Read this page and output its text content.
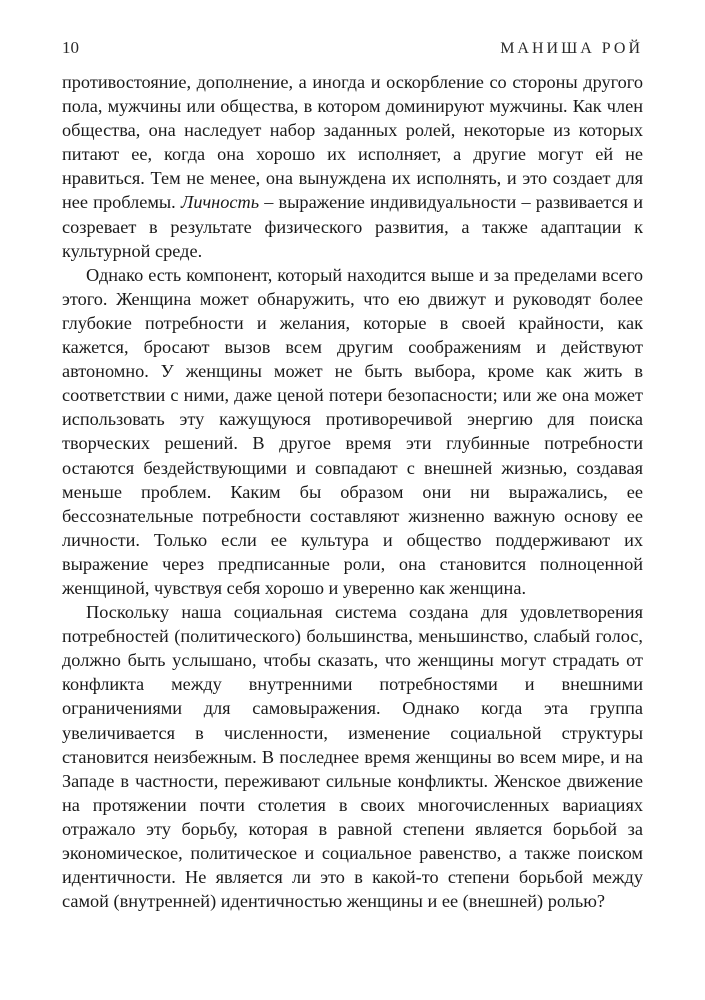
10	МАНИША РОЙ

противостояние, дополнение, а иногда и оскорбление со стороны другого пола, мужчины или общества, в котором доминируют мужчины. Как член общества, она наследует набор заданных ролей, некоторые из которых питают ее, когда она хорошо их исполняет, а другие могут ей не нравиться. Тем не менее, она вынуждена их исполнять, и это создает для нее проблемы. Личность – выражение индивидуальности – развивается и созревает в результате физического развития, а также адаптации к культурной среде.

Однако есть компонент, который находится выше и за пределами всего этого. Женщина может обнаружить, что ею движут и руководят более глубокие потребности и желания, которые в своей крайности, как кажется, бросают вызов всем другим соображениям и действуют автономно. У женщины может не быть выбора, кроме как жить в соответствии с ними, даже ценой потери безопасности; или же она может использовать эту кажущуюся противоречивой энергию для поиска творческих решений. В другое время эти глубинные потребности остаются бездействующими и совпадают с внешней жизнью, создавая меньше проблем. Каким бы образом они ни выражались, ее бессознательные потребности составляют жизненно важную основу ее личности. Только если ее культура и общество поддерживают их выражение через предписанные роли, она становится полноценной женщиной, чувствуя себя хорошо и уверенно как женщина.

Поскольку наша социальная система создана для удовлетворения потребностей (политического) большинства, меньшинство, слабый голос, должно быть услышано, чтобы сказать, что женщины могут страдать от конфликта между внутренними потребностями и внешними ограничениями для самовыражения. Однако когда эта группа увеличивается в численности, изменение социальной структуры становится неизбежным. В последнее время женщины во всем мире, и на Западе в частности, переживают сильные конфликты. Женское движение на протяжении почти столетия в своих многочисленных вариациях отражало эту борьбу, которая в равной степени является борьбой за экономическое, политическое и социальное равенство, а также поиском идентичности. Не является ли это в какой-то степени борьбой между самой (внутренней) идентичностью женщины и ее (внешней) ролью?
